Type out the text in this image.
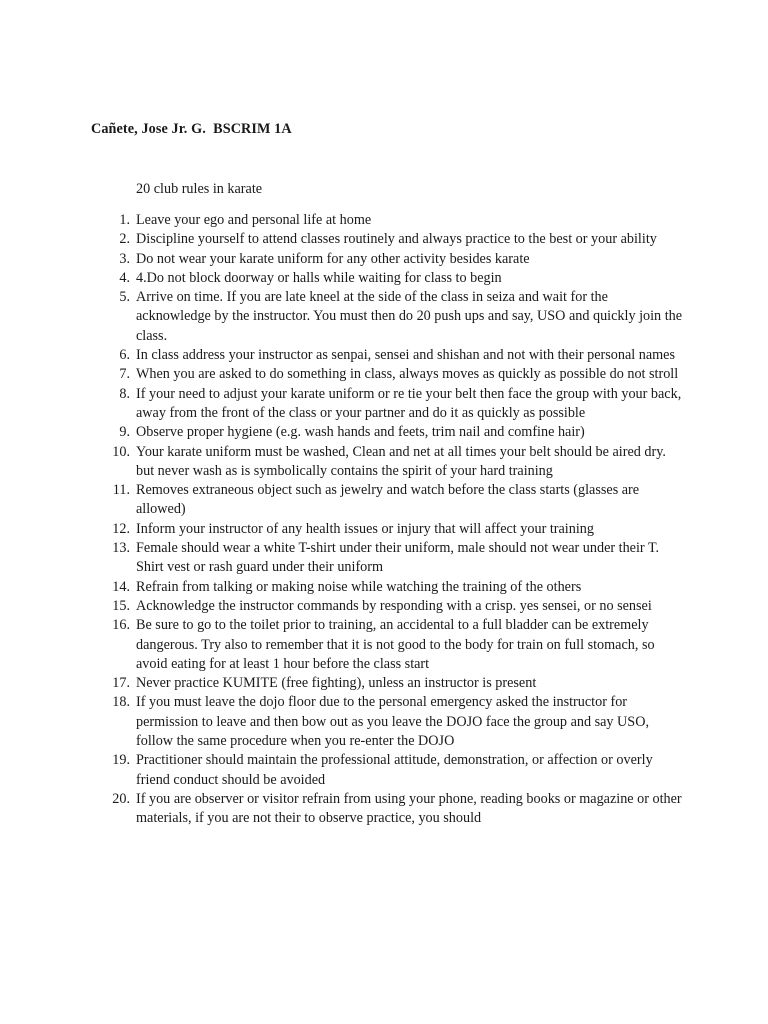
Cañete, Jose Jr. G.  BSCRIM 1A
20 club rules in karate
1. Leave your ego and personal life at home
2. Discipline yourself to attend classes routinely and always practice to the best or your ability
3. Do not wear your karate uniform for any other activity besides karate
4. 4.Do not block doorway or halls while waiting for class to begin
5. Arrive on time. If you are late kneel at the side of the class in seiza and wait for the acknowledge by the instructor. You must then do 20 push ups and say, USO and quickly join the class.
6. In class address your instructor as senpai, sensei and shishan and not with their personal names
7. When you are asked to do something in class, always moves as quickly as possible do not stroll
8. If your need to adjust your karate uniform or re tie your belt then face the group with your back, away from the front of the class or your partner and do it as quickly as possible
9. Observe proper hygiene (e.g. wash hands and feets, trim nail and comfine hair)
10. Your karate uniform must be washed, Clean and net at all times your belt should be aired dry. but never wash as is symbolically contains the spirit of your hard training
11. Removes extraneous object such as jewelry and watch before the class starts (glasses are allowed)
12. Inform your instructor of any health issues or injury that will affect your training
13. Female should wear a white T-shirt under their uniform, male should not wear under their T. Shirt vest or rash guard under their uniform
14. Refrain from talking or making noise while watching the training of the others
15. Acknowledge the instructor commands by responding with a crisp. yes sensei, or no sensei
16. Be sure to go to the toilet prior to training, an accidental to a full bladder can be extremely dangerous. Try also to remember that it is not good to the body for train on full stomach, so avoid eating for at least 1 hour before the class start
17. Never practice KUMITE (free fighting), unless an instructor is present
18. If you must leave the dojo floor due to the personal emergency asked the instructor for permission to leave and then bow out as you leave the DOJO face the group and say USO, follow the same procedure when you re-enter the DOJO
19. Practitioner should maintain the professional attitude, demonstration, or affection or overly friend conduct should be avoided
20. If you are observer or visitor refrain from using your phone, reading books or magazine or other materials, if you are not their to observe practice, you should
